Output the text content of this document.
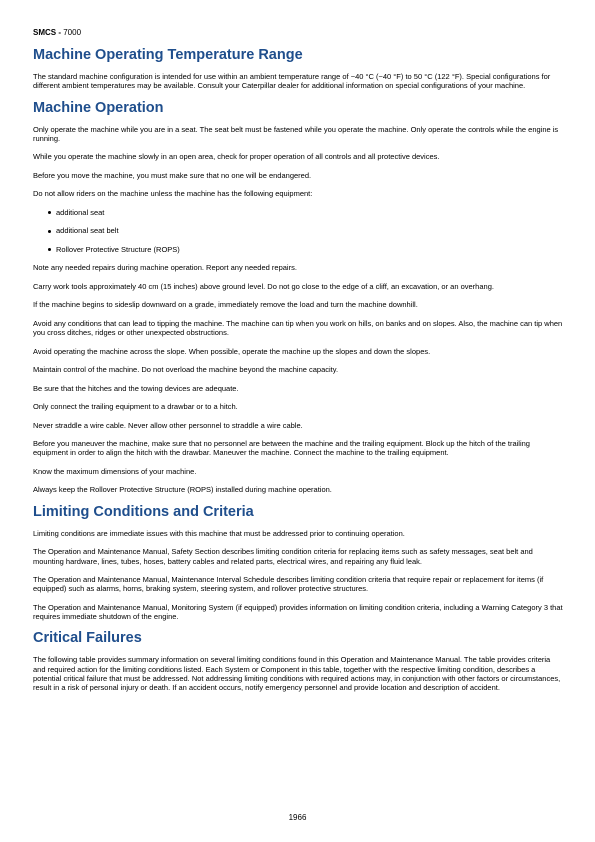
SMCS - 7000
Machine Operating Temperature Range

The standard machine configuration is intended for use within an ambient temperature range of −40 °C (−40 °F) to 50 °C (122 °F). Special configurations for different ambient temperatures may be available. Consult your Caterpillar dealer for additional information on special configurations of your machine.

Machine Operation

Only operate the machine while you are in a seat. The seat belt must be fastened while you operate the machine. Only operate the controls while the engine is running.

While you operate the machine slowly in an open area, check for proper operation of all controls and all protective devices.

Before you move the machine, you must make sure that no one will be endangered.

Do not allow riders on the machine unless the machine has the following equipment:

additional seat
additional seat belt
Rollover Protective Structure (ROPS)

Note any needed repairs during machine operation. Report any needed repairs.

Carry work tools approximately 40 cm (15 inches) above ground level. Do not go close to the edge of a cliff, an excavation, or an overhang.

If the machine begins to sideslip downward on a grade, immediately remove the load and turn the machine downhill.

Avoid any conditions that can lead to tipping the machine. The machine can tip when you work on hills, on banks and on slopes. Also, the machine can tip when you cross ditches, ridges or other unexpected obstructions.

Avoid operating the machine across the slope. When possible, operate the machine up the slopes and down the slopes.

Maintain control of the machine. Do not overload the machine beyond the machine capacity.

Be sure that the hitches and the towing devices are adequate.

Only connect the trailing equipment to a drawbar or to a hitch.

Never straddle a wire cable. Never allow other personnel to straddle a wire cable.

Before you maneuver the machine, make sure that no personnel are between the machine and the trailing equipment. Block up the hitch of the trailing equipment in order to align the hitch with the drawbar. Maneuver the machine. Connect the machine to the trailing equipment.

Know the maximum dimensions of your machine.

Always keep the Rollover Protective Structure (ROPS) installed during machine operation.

Limiting Conditions and Criteria

Limiting conditions are immediate issues with this machine that must be addressed prior to continuing operation.

The Operation and Maintenance Manual, Safety Section describes limiting condition criteria for replacing items such as safety messages, seat belt and mounting hardware, lines, tubes, hoses, battery cables and related parts, electrical wires, and repairing any fluid leak.

The Operation and Maintenance Manual, Maintenance Interval Schedule describes limiting condition criteria that require repair or replacement for items (if equipped) such as alarms, horns, braking system, steering system, and rollover protective structures.

The Operation and Maintenance Manual, Monitoring System (if equipped) provides information on limiting condition criteria, including a Warning Category 3 that requires immediate shutdown of the engine.

Critical Failures

The following table provides summary information on several limiting conditions found in this Operation and Maintenance Manual. The table provides criteria and required action for the limiting conditions listed. Each System or Component in this table, together with the respective limiting condition, describes a potential critical failure that must be addressed. Not addressing limiting conditions with required actions may, in conjunction with other factors or circumstances, result in a risk of personal injury or death. If an accident occurs, notify emergency personnel and provide location and description of accident.

1966
